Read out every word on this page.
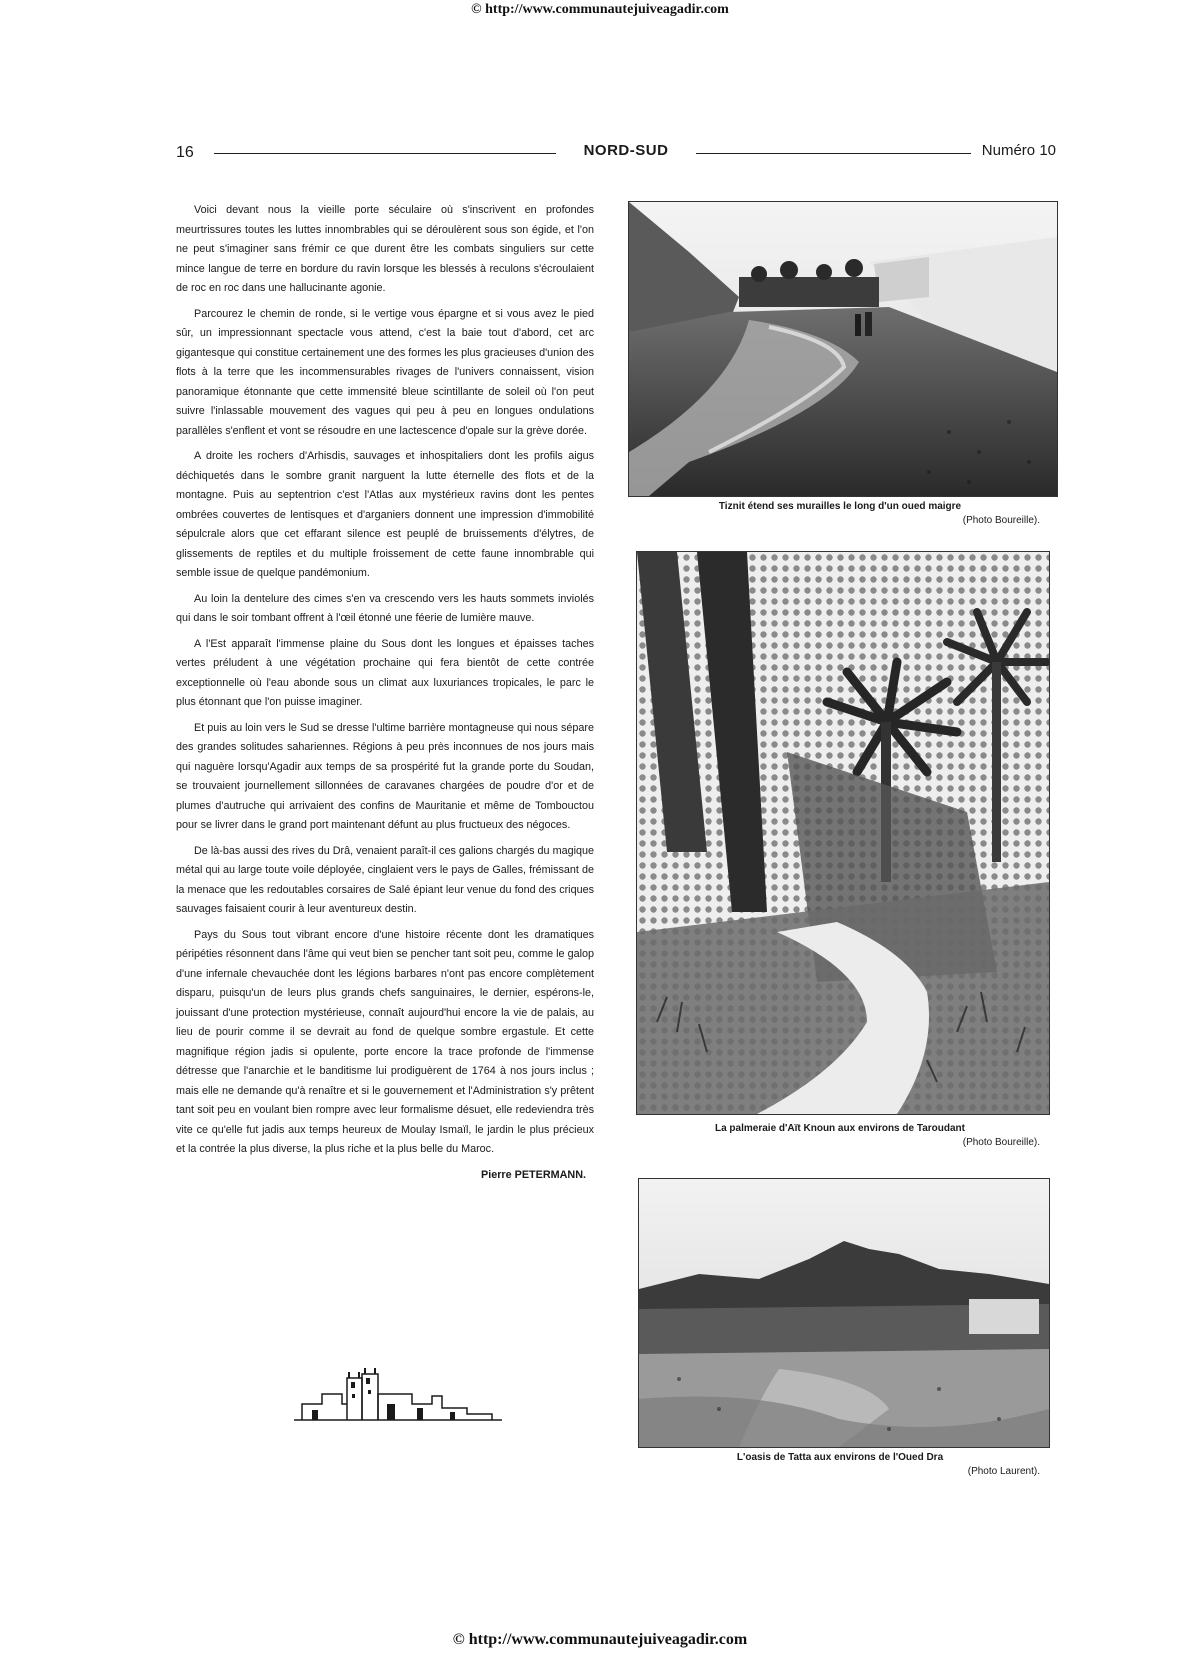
© http://www.communautejuiveagadir.com
16	NORD-SUD	Numéro 10

Voici devant nous la vieille porte séculaire où s'inscrivent en profondes meurtrissures toutes les luttes innombrables qui se déroulèrent sous son égide, et l'on ne peut s'imaginer sans frémir ce que durent être les combats singuliers sur cette mince langue de terre en bordure du ravin lorsque les blessés à reculons s'écroulaient de roc en roc dans une hallucinante agonie.

Parcourez le chemin de ronde, si le vertige vous épargne et si vous avez le pied sûr, un impressionnant spectacle vous attend, c'est la baie tout d'abord, cet arc gigantesque qui constitue certainement une des formes les plus gracieuses d'union des flots à la terre que les incommensurables rivages de l'univers connaissent, vision panoramique étonnante que cette immensité bleue scintillante de soleil où l'on peut suivre l'inlassable mouvement des vagues qui peu à peu en longues ondulations parallèles s'enflent et vont se résoudre en une lactescence d'opale sur la grève dorée.

A droite les rochers d'Arhisdis, sauvages et inhospitaliers dont les profils aigus déchiquetés dans le sombre granit narguent la lutte éternelle des flots et de la montagne. Puis au septentrion c'est l'Atlas aux mystérieux ravins dont les pentes ombrées couvertes de lentisques et d'arganiers donnent une impression d'immobilité sépulcrale alors que cet effarant silence est peuplé de bruissements d'élytres, de glissements de reptiles et du multiple froissement de cette faune innombrable qui semble issue de quelque pandémonium.

Au loin la dentelure des cimes s'en va crescendo vers les hauts sommets inviolés qui dans le soir tombant offrent à l'œil étonné une féerie de lumière mauve.

A l'Est apparaît l'immense plaine du Sous dont les longues et épaisses taches vertes préludent à une végétation prochaine qui fera bientôt de cette contrée exceptionnelle où l'eau abonde sous un climat aux luxuriances tropicales, le parc le plus étonnant que l'on puisse imaginer.

Et puis au loin vers le Sud se dresse l'ultime barrière montagneuse qui nous sépare des grandes solitudes sahariennes. Régions à peu près inconnues de nos jours mais qui naguère lorsqu'Agadir aux temps de sa prospérité fut la grande porte du Soudan, se trouvaient journellement sillonnées de caravanes chargées de poudre d'or et de plumes d'autruche qui arrivaient des confins de Mauritanie et même de Tombouctou pour se livrer dans le grand port maintenant défunt au plus fructueux des négoces.

De là-bas aussi des rives du Drâ, venaient paraît-il ces galions chargés du magique métal qui au large toute voile déployée, cinglaient vers le pays de Galles, frémissant de la menace que les redoutables corsaires de Salé épiant leur venue du fond des criques sauvages faisaient courir à leur aventureux destin.

Pays du Sous tout vibrant encore d'une histoire récente dont les dramatiques péripéties résonnent dans l'âme qui veut bien se pencher tant soit peu, comme le galop d'une infernale chevauchée dont les légions barbares n'ont pas encore complètement disparu, puisqu'un de leurs plus grands chefs sanguinaires, le dernier, espérons-le, jouissant d'une protection mystérieuse, connaît aujourd'hui encore la vie de palais, au lieu de pourir comme il se devrait au fond de quelque sombre ergastule. Et cette magnifique région jadis si opulente, porte encore la trace profonde de l'immense détresse que l'anarchie et le banditisme lui prodiguèrent de 1764 à nos jours inclus ; mais elle ne demande qu'à renaître et si le gouvernement et l'Administration s'y prêtent tant soit peu en voulant bien rompre avec leur formalisme désuet, elle redeviendra très vite ce qu'elle fut jadis aux temps heureux de Moulay Ismaïl, le jardin le plus précieux et la contrée la plus diverse, la plus riche et la plus belle du Maroc.

Pierre PETERMANN.
Tiznit étend ses murailles le long d'un oued maigre
(Photo Boureille).
La palmeraie d'Aït Knoun aux environs de Taroudant
(Photo Boureille).
L'oasis de Tatta aux environs de l'Oued Dra
(Photo Laurent).
© http://www.communautejuiveagadir.com
